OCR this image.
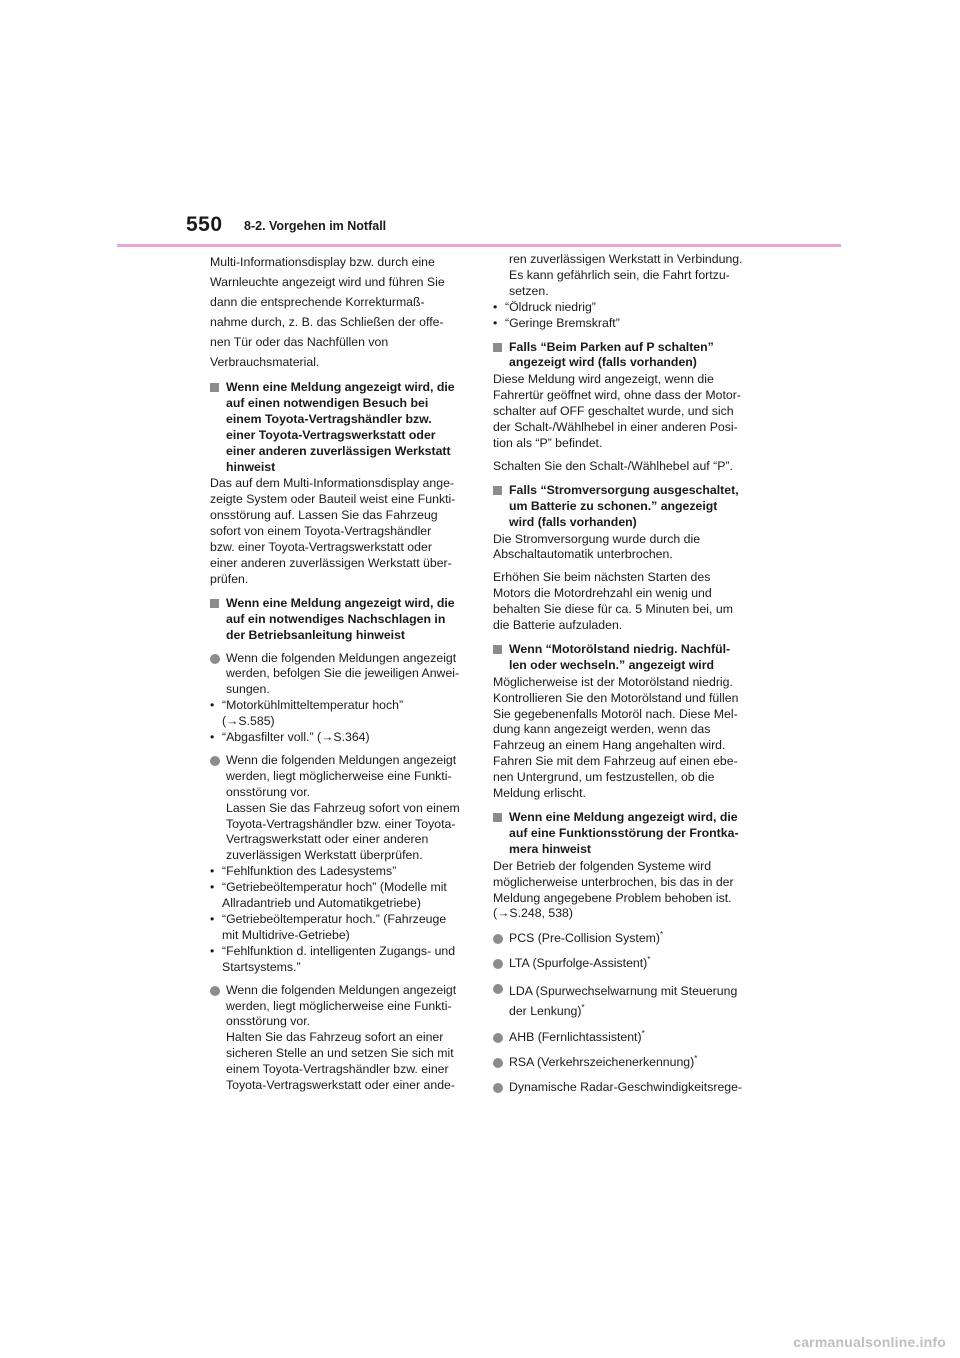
550 8-2. Vorgehen im Notfall
Multi-Informationsdisplay bzw. durch eine
Warnleuchte angezeigt wird und führen Sie
dann die entsprechende Korrekturmaß-
nahme durch, z. B. das Schließen der offe-
nen Tür oder das Nachfüllen von
Verbrauchsmaterial.
Wenn eine Meldung angezeigt wird, die
auf einen notwendigen Besuch bei
einem Toyota-Vertragshändler bzw.
einer Toyota-Vertragswerkstatt oder
einer anderen zuverlässigen Werkstatt
hinweist
Das auf dem Multi-Informationsdisplay ange-
zeigte System oder Bauteil weist eine Funkti-
onsstörung auf. Lassen Sie das Fahrzeug
sofort von einem Toyota-Vertragshändler
bzw. einer Toyota-Vertragswerkstatt oder
einer anderen zuverlässigen Werkstatt über-
prüfen.
Wenn eine Meldung angezeigt wird, die
auf ein notwendiges Nachschlagen in
der Betriebsanleitung hinweist
Wenn die folgenden Meldungen angezeigt
werden, befolgen Sie die jeweiligen Anwei-
sungen.
• “Motorkühlmitteltemperatur hoch”
(→S.585)
• “Abgasfilter voll.” (→S.364)
Wenn die folgenden Meldungen angezeigt
werden, liegt möglicherweise eine Funkti-
onsstörung vor.
Lassen Sie das Fahrzeug sofort von einem
Toyota-Vertragshändler bzw. einer Toyota-
Vertragswerkstatt oder einer anderen
zuverlässigen Werkstatt überprüfen.
• “Fehlfunktion des Ladesystems”
• “Getriebeöltemperatur hoch” (Modelle mit
Allradantrieb und Automatikgetriebe)
• “Getriebeöltemperatur hoch.” (Fahrzeuge
mit Multidrive-Getriebe)
• “Fehlfunktion d. intelligenten Zugangs- und
Startsystems.”
Wenn die folgenden Meldungen angezeigt
werden, liegt möglicherweise eine Funkti-
onsstörung vor.
Halten Sie das Fahrzeug sofort an einer
sicheren Stelle an und setzen Sie sich mit
einem Toyota-Vertragshändler bzw. einer
Toyota-Vertragswerkstatt oder einer ande-
ren zuverlässigen Werkstatt in Verbindung.
Es kann gefährlich sein, die Fahrt fortzu-
setzen.
• “Öldruck niedrig”
• “Geringe Bremskraft”
Falls “Beim Parken auf P schalten”
angezeigt wird (falls vorhanden)
Diese Meldung wird angezeigt, wenn die
Fahrertür geöffnet wird, ohne dass der Motor-
schalter auf OFF geschaltet wurde, und sich
der Schalt-/Wählhebel in einer anderen Posi-
tion als “P” befindet.
Schalten Sie den Schalt-/Wählhebel auf “P”.
Falls “Stromversorgung ausgeschaltet,
um Batterie zu schonen.” angezeigt
wird (falls vorhanden)
Die Stromversorgung wurde durch die
Abschaltautomatik unterbrochen.
Erhöhen Sie beim nächsten Starten des
Motors die Motordrehzahl ein wenig und
behalten Sie diese für ca. 5 Minuten bei, um
die Batterie aufzuladen.
Wenn “Motorölstand niedrig. Nachfül-
len oder wechseln.” angezeigt wird
Möglicherweise ist der Motorölstand niedrig.
Kontrollieren Sie den Motorölstand und füllen
Sie gegebenenfalls Motoröl nach. Diese Mel-
dung kann angezeigt werden, wenn das
Fahrzeug an einem Hang angehalten wird.
Fahren Sie mit dem Fahrzeug auf einen ebe-
nen Untergrund, um festzustellen, ob die
Meldung erlischt.
Wenn eine Meldung angezeigt wird, die
auf eine Funktionsstörung der Frontka-
mera hinweist
Der Betrieb der folgenden Systeme wird
möglicherweise unterbrochen, bis das in der
Meldung angegebene Problem behoben ist.
(→S.248, 538)
PCS (Pre-Collision System)*
LTA (Spurfolge-Assistent)*
LDA (Spurwechselwarnung mit Steuerung
der Lenkung)*
AHB (Fernlichtassistent)*
RSA (Verkehrszeichenerkennung)*
Dynamische Radar-Geschwindigkeitsrege-
carmanualsonline.info
